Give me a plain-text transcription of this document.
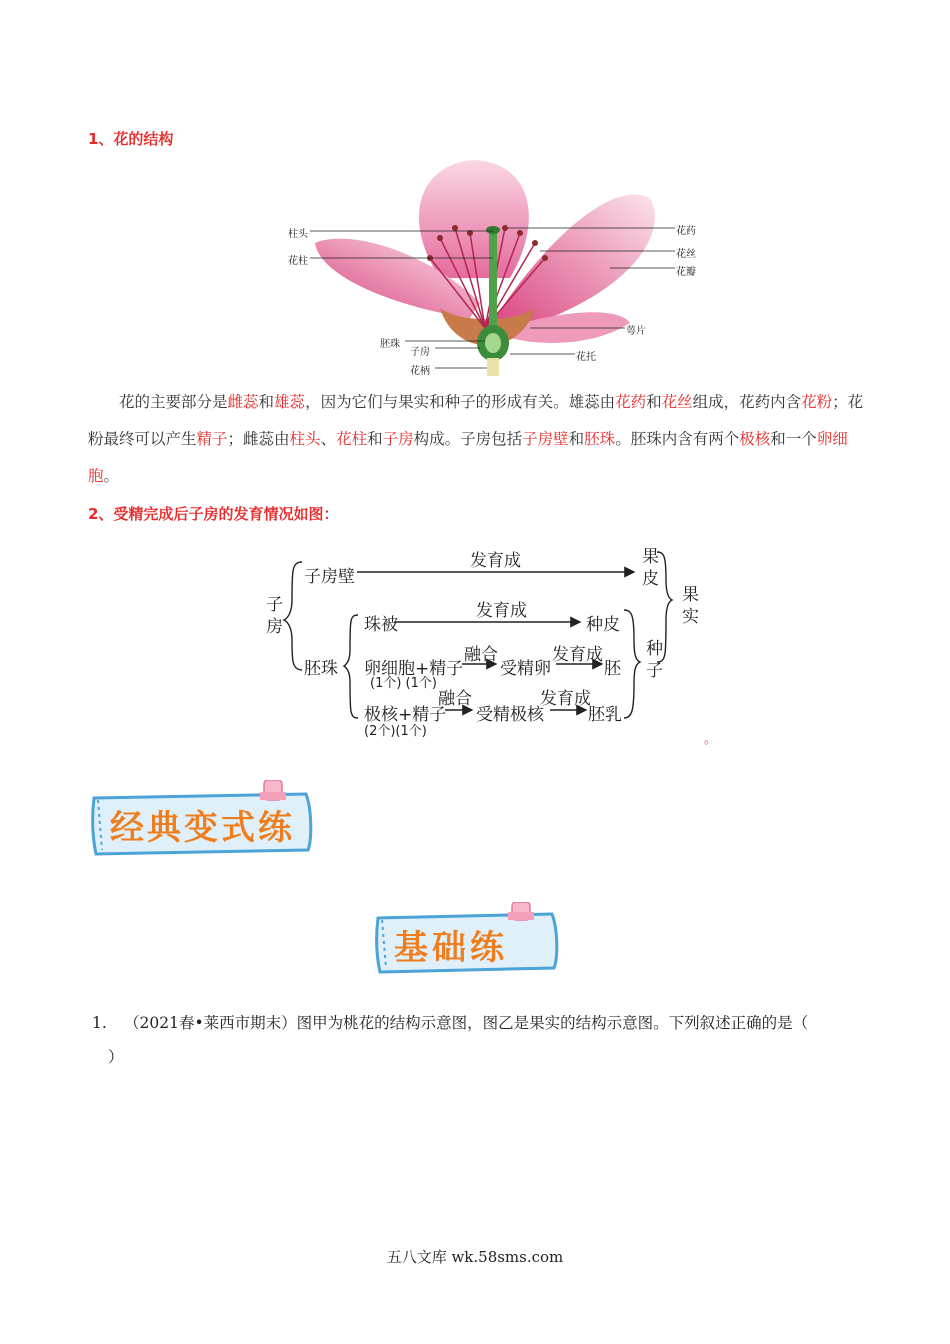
1、花的结构
柱头
花柱
花药
花丝
花瓣
萼片
胚珠
子房	花托
花柄
花的主要部分是雌蕊和雄蕊，因为它们与果实和种子的形成有关。雄蕊由花药和花丝组成，花药内含花粉；花粉最终可以产生精子；雌蕊由柱头、花柱和子房构成。子房包括子房壁和胚珠。胚珠内含有两个极核和一个卵细胞。
2、受精完成后子房的发育情况如图：
子房
子房壁
发育成	果皮
果实
珠被
发育成
种皮
胚珠 卵细胞+精子
(1个) (1个)
融合
受精卵
发育成
胚
种子
极核+精子
(2个)(1个)
融合
受精极核
发育成
胚乳
。
经典变式练
基础练
1. （2021春•莱西市期末）图甲为桃花的结构示意图，图乙是果实的结构示意图。下列叙述正确的是（
）
五八文库 wk.58sms.com
